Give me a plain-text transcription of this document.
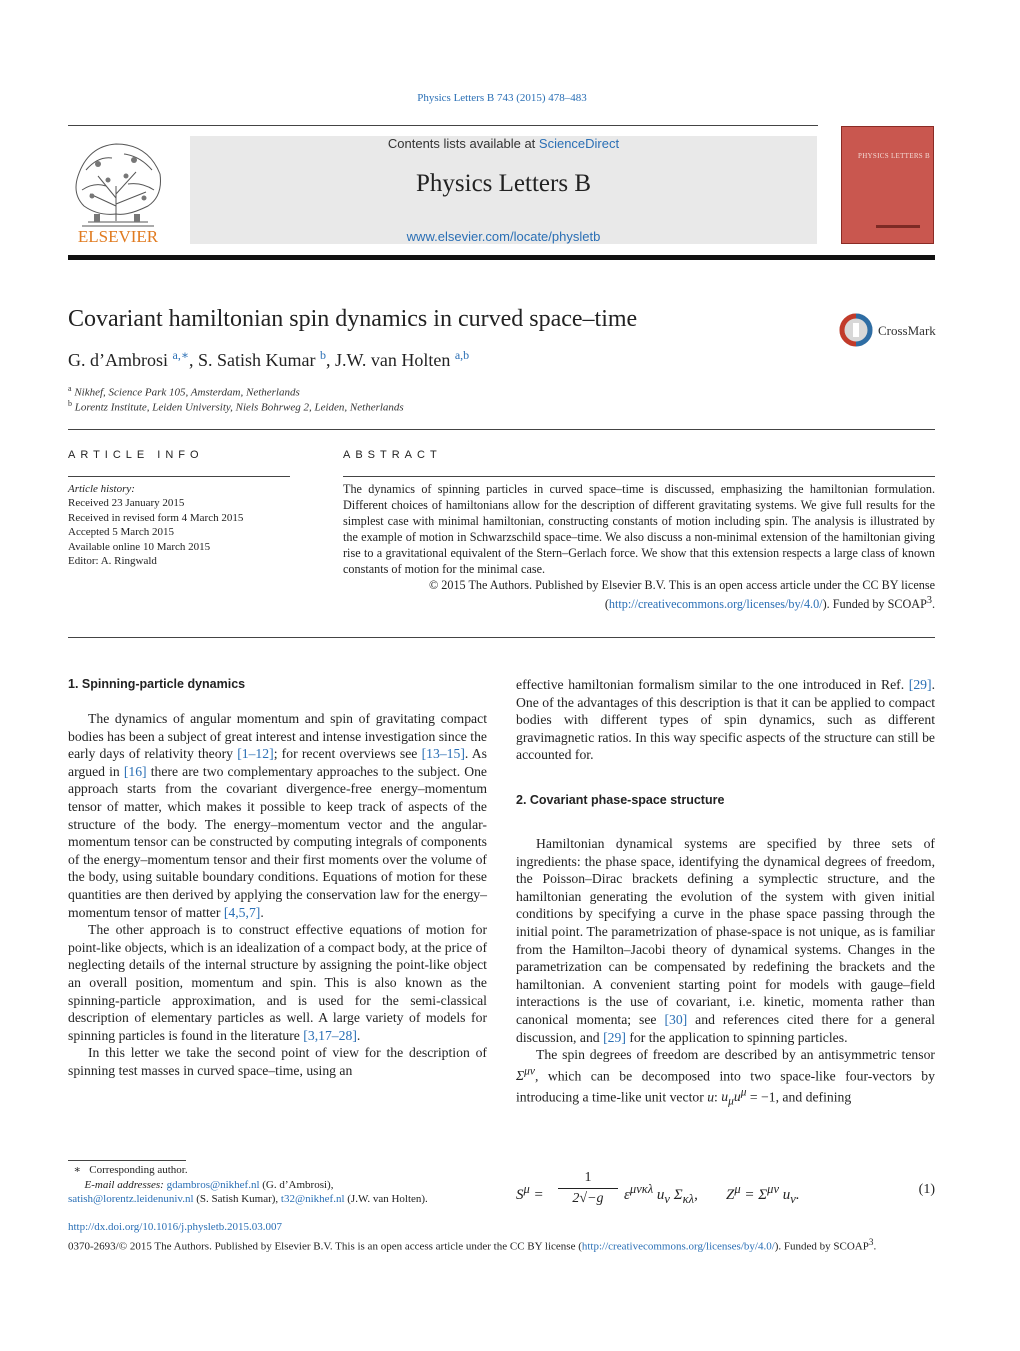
Physics Letters B 743 (2015) 478–483
ELSEVIER
Contents lists available at ScienceDirect
Physics Letters B
www.elsevier.com/locate/physletb
PHYSICS LETTERS B
Covariant hamiltonian spin dynamics in curved space–time	CrossMark
G. d’Ambrosi $^{a,∗}$, S. Satish Kumar $^b$, J.W. van Holten $^{a,b}$
$^a$ Nikhef, Science Park 105, Amsterdam, Netherlands
$^b$ Lorentz Institute, Leiden University, Niels Bohrweg 2, Leiden, Netherlands
ARTICLE INFO
Article history:
Received 23 January 2015
Received in revised form 4 March 2015
Accepted 5 March 2015
Available online 10 March 2015
Editor: A. Ringwald
ABSTRACT

The dynamics of spinning particles in curved space–time is discussed, emphasizing the hamiltonian formulation. Different choices of hamiltonians allow for the description of different gravitating systems. We give full results for the simplest case with minimal hamiltonian, constructing constants of motion including spin. The analysis is illustrated by the example of motion in Schwarzschild space–time. We also discuss a non-minimal extension of the hamiltonian giving rise to a gravitational equivalent of the Stern–Gerlach force. We show that this extension respects a large class of known constants of motion for the minimal case.

© 2015 The Authors. Published by Elsevier B.V. This is an open access article under the CC BY license
(http://creativecommons.org/licenses/by/4.0/). Funded by SCOAP$^3$.

1. Spinning-particle dynamics

The dynamics of angular momentum and spin of gravitating compact bodies has been a subject of great interest and intense investigation since the early days of relativity theory [1–12]; for recent overviews see [13–15]. As argued in [16] there are two complementary approaches to the subject. One approach starts from the covariant divergence-free energy–momentum tensor of matter, which makes it possible to keep track of aspects of the structure of the body. The energy–momentum vector and the angular-momentum tensor can be constructed by computing integrals of components of the energy–momentum tensor and their first moments over the volume of the body, using suitable boundary conditions. Equations of motion for these quantities are then derived by applying the conservation law for the energy–momentum tensor of matter [4,5,7].

The other approach is to construct effective equations of motion for point-like objects, which is an idealization of a compact body, at the price of neglecting details of the internal structure by assigning the point-like object an overall position, momentum and spin. This is also known as the spinning-particle approximation, and is used for the semi-classical description of elementary particles as well. A large variety of models for spinning particles is found in the literature [3,17–28].

In this letter we take the second point of view for the description of spinning test masses in curved space–time, using an

effective hamiltonian formalism similar to the one introduced in Ref. [29]. One of the advantages of this description is that it can be applied to compact bodies with different types of spin dynamics, such as different gravimagnetic ratios. In this way specific aspects of the structure can still be accounted for.

2. Covariant phase-space structure

Hamiltonian dynamical systems are specified by three sets of ingredients: the phase space, identifying the dynamical degrees of freedom, the Poisson–Dirac brackets defining a symplectic structure, and the hamiltonian generating the evolution of the system with given initial conditions by specifying a curve in the phase space passing through the initial point. The parametrization of phase-space is not unique, as is familiar from the Hamilton–Jacobi theory of dynamical systems. Changes in the parametrization can be compensated by redefining the brackets and the hamiltonian. A convenient starting point for models with gauge–field interactions is the use of covariant, i.e. kinetic, momenta rather than canonical momenta; see [30] and references cited there for a general discussion, and [29] for the application to spinning particles.

The spin degrees of freedom are described by an antisymmetric tensor $\Sigma^{\mu\nu}$, which can be decomposed into two space-like four-vectors by introducing a time-like unit vector u: $u_\mu u^\mu = -1$, and defining

$S^\mu$ =
1
2√−g	$\varepsilon^{\mu\nu\kappa\lambda}$ $u_\nu$ $\Sigma_{\kappa\lambda}$, $Z^\mu = \Sigma^{\mu\nu}$ $u_\nu$.	(1)
∗ Corresponding author.
E-mail addresses: gdambros@nikhef.nl (G. d’Ambrosi),
satish@lorentz.leidenuniv.nl (S. Satish Kumar), t32@nikhef.nl (J.W. van Holten).
http://dx.doi.org/10.1016/j.physletb.2015.03.007
0370-2693/© 2015 The Authors. Published by Elsevier B.V. This is an open access article under the CC BY license (http://creativecommons.org/licenses/by/4.0/). Funded by SCOAP$^3$.
